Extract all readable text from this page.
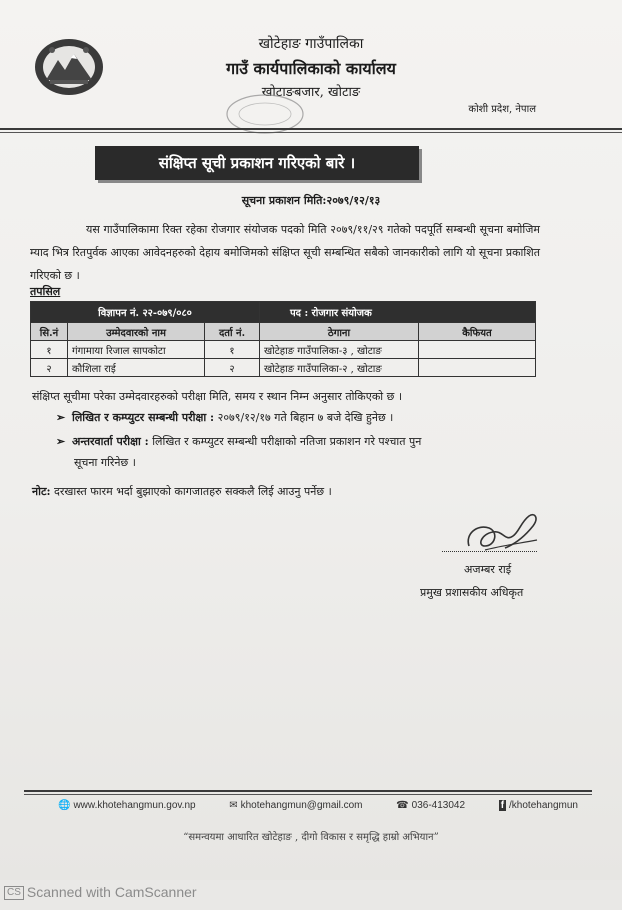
खोटेहाङ गाउँपालिका
गाउँ कार्यपालिकाको कार्यालय
खोटाङबजार, खोटाङ
कोशी प्रदेश, नेपाल
संक्षिप्त सूची प्रकाशन गरिएको बारे ।
सूचना प्रकाशन मिति:२०७९/१२/१३
यस गाउँपालिकामा रिक्त रहेका रोजगार संयोजक पदको मिति २०७९/११/२९ गतेको पदपूर्ति सम्बन्धी सूचना बमोजिम म्याद भित्र रितपुर्वक आएका आवेदनहरुको देहाय बमोजिमको संक्षिप्त सूची सम्बन्धित सबैको जानकारीको लागि यो सूचना प्रकाशित गरिएको छ ।
तपसिल
विज्ञापन नं. २२-०७९/०८०			पद : रोजगार संयोजक	
सि.नं	उम्मेदवारको नाम	दर्ता नं.	ठेगाना	कैफियत
१	गंगामाया रिजाल सापकोटा	१	खोटेहाङ गाउँपालिका-३ , खोटाङ	
२	कौशिला राई	२	खोटेहाङ गाउँपालिका-२ , खोटाङ	
संक्षिप्त सूचीमा परेका उम्मेदवारहरुको परीक्षा मिति, समय र स्थान निम्न अनुसार तोकिएको छ ।
➢ लिखित र कम्प्युटर सम्बन्धी परीक्षा : २०७९/१२/१७ गते बिहान ७ बजे देखि हुनेछ ।
➢ अन्तरवार्ता परीक्षा : लिखित र कम्प्युटर सम्बन्धी परीक्षाको नतिजा प्रकाशन गरे पश्चात पुन
सूचना गरिनेछ ।
नोट: दरखास्त फारम भर्दा बुझाएको कागजातहरु सक्कलै लिई आउनु पर्नेछ ।
अजम्बर राई
प्रमुख प्रशासकीय अधिकृत
🌐 www.khotehangmun.gov.np	✉ khotehangmun@gmail.com	☎ 036-413042	f /khotehangmun
“समन्वयमा आधारित खोटेहाङ , दीगो विकास र समृद्धि हाम्रो अभियान”
CS Scanned with CamScanner
